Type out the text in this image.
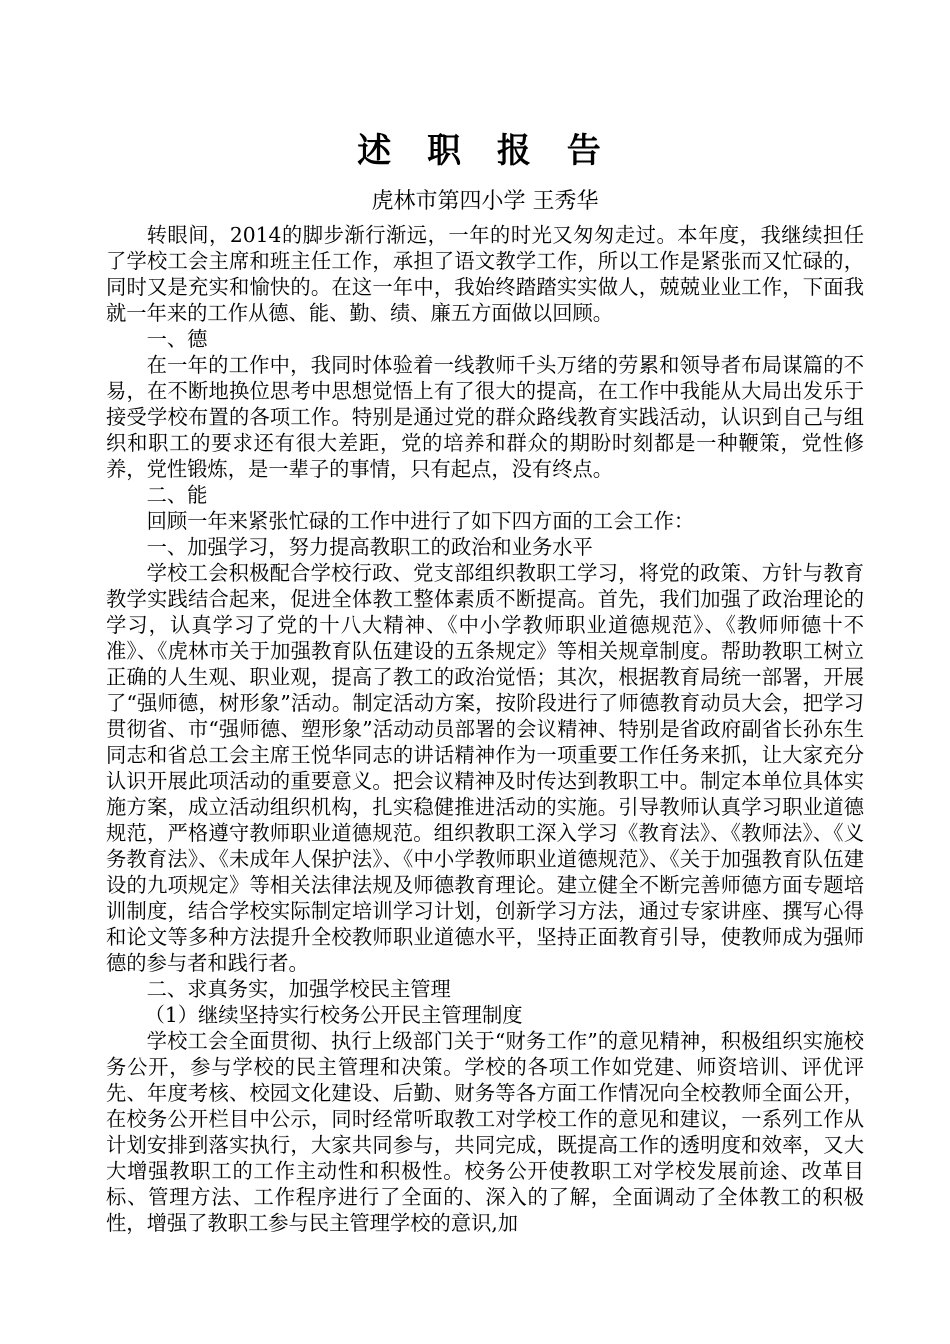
述 职 报 告
虎林市第四小学 王秀华

转眼间，2014的脚步渐行渐远，一年的时光又匆匆走过。本年度，我继续担任了学校工会主席和班主任工作，承担了语文教学工作，所以工作是紧张而又忙碌的，同时又是充实和愉快的。在这一年中，我始终踏踏实实做人，兢兢业业工作，下面我就一年来的工作从德、能、勤、绩、廉五方面做以回顾。

一、德

在一年的工作中，我同时体验着一线教师千头万绪的劳累和领导者布局谋篇的不易，在不断地换位思考中思想觉悟上有了很大的提高，在工作中我能从大局出发乐于接受学校布置的各项工作。特别是通过党的群众路线教育实践活动，认识到自己与组织和职工的要求还有很大差距，党的培养和群众的期盼时刻都是一种鞭策，党性修养，党性锻炼，是一辈子的事情，只有起点，没有终点。

二、能

回顾一年来紧张忙碌的工作中进行了如下四方面的工会工作：

一、加强学习，努力提高教职工的政治和业务水平

学校工会积极配合学校行政、党支部组织教职工学习，将党的政策、方针与教育教学实践结合起来，促进全体教工整体素质不断提高。首先，我们加强了政治理论的学习，认真学习了党的十八大精神、《中小学教师职业道德规范》、《教师师德十不准》、《虎林市关于加强教育队伍建设的五条规定》等相关规章制度。帮助教职工树立正确的人生观、职业观，提高了教工的政治觉悟；其次，根据教育局统一部署，开展了“强师德，树形象”活动。制定活动方案，按阶段进行了师德教育动员大会，把学习贯彻省、市“强师德、塑形象”活动动员部署的会议精神、特别是省政府副省长孙东生同志和省总工会主席王悦华同志的讲话精神作为一项重要工作任务来抓，让大家充分认识开展此项活动的重要意义。把会议精神及时传达到教职工中。制定本单位具体实施方案，成立活动组织机构，扎实稳健推进活动的实施。引导教师认真学习职业道德规范，严格遵守教师职业道德规范。组织教职工深入学习《教育法》、《教师法》、《义务教育法》、《未成年人保护法》、《中小学教师职业道德规范》、《关于加强教育队伍建设的九项规定》等相关法律法规及师德教育理论。建立健全不断完善师德方面专题培训制度，结合学校实际制定培训学习计划，创新学习方法，通过专家讲座、撰写心得和论文等多种方法提升全校教师职业道德水平，坚持正面教育引导，使教师成为强师德的参与者和践行者。

二、求真务实，加强学校民主管理

（1）继续坚持实行校务公开民主管理制度

学校工会全面贯彻、执行上级部门关于“财务工作”的意见精神，积极组织实施校务公开，参与学校的民主管理和决策。学校的各项工作如党建、师资培训、评优评先、年度考核、校园文化建设、后勤、财务等各方面工作情况向全校教师全面公开，在校务公开栏目中公示，同时经常听取教工对学校工作的意见和建议，一系列工作从计划安排到落实执行，大家共同参与，共同完成，既提高工作的透明度和效率，又大大增强教职工的工作主动性和积极性。校务公开使教职工对学校发展前途、改革目标、管理方法、工作程序进行了全面的、深入的了解，全面调动了全体教工的积极性，增强了教职工参与民主管理学校的意识,加
